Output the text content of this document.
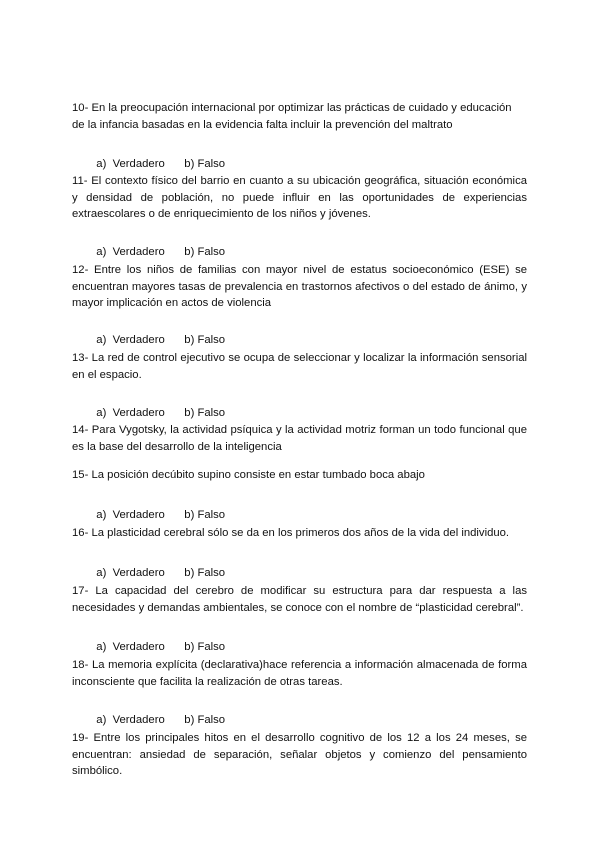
10- En la preocupación internacional por optimizar las prácticas de cuidado y educación de la infancia basadas en la evidencia falta incluir la prevención del maltrato

a)  Verdadero b) Falso

11- El contexto físico del barrio en cuanto a su ubicación geográfica, situación económica y densidad de población, no puede influir en las oportunidades de experiencias extraescolares o de enriquecimiento de los niños y jóvenes.

a)  Verdadero b) Falso

12- Entre los niños de familias con mayor nivel de estatus socioeconómico (ESE) se encuentran mayores tasas de prevalencia en trastornos afectivos o del estado de ánimo, y mayor implicación en actos de violencia

a)  Verdadero b) Falso

13- La red de control ejecutivo se ocupa de seleccionar y localizar la información sensorial en el espacio.

a)  Verdadero b) Falso

14- Para Vygotsky, la actividad psíquica y la actividad motriz forman un todo funcional que es la base del desarrollo de la inteligencia

15- La posición decúbito supino consiste en estar tumbado boca abajo

a)  Verdadero b) Falso

16- La plasticidad cerebral sólo se da en los primeros dos años de la vida del individuo.

a)  Verdadero b) Falso

17- La capacidad del cerebro de modificar su estructura para dar respuesta a las necesidades y demandas ambientales, se conoce con el nombre de “plasticidad cerebral”.

a)  Verdadero b) Falso

18- La memoria explícita (declarativa)hace referencia a información almacenada de forma inconsciente que facilita la realización de otras tareas.

a)  Verdadero b) Falso

19- Entre los principales hitos en el desarrollo cognitivo de los 12 a los 24 meses, se encuentran: ansiedad de separación, señalar objetos y comienzo del pensamiento simbólico.
